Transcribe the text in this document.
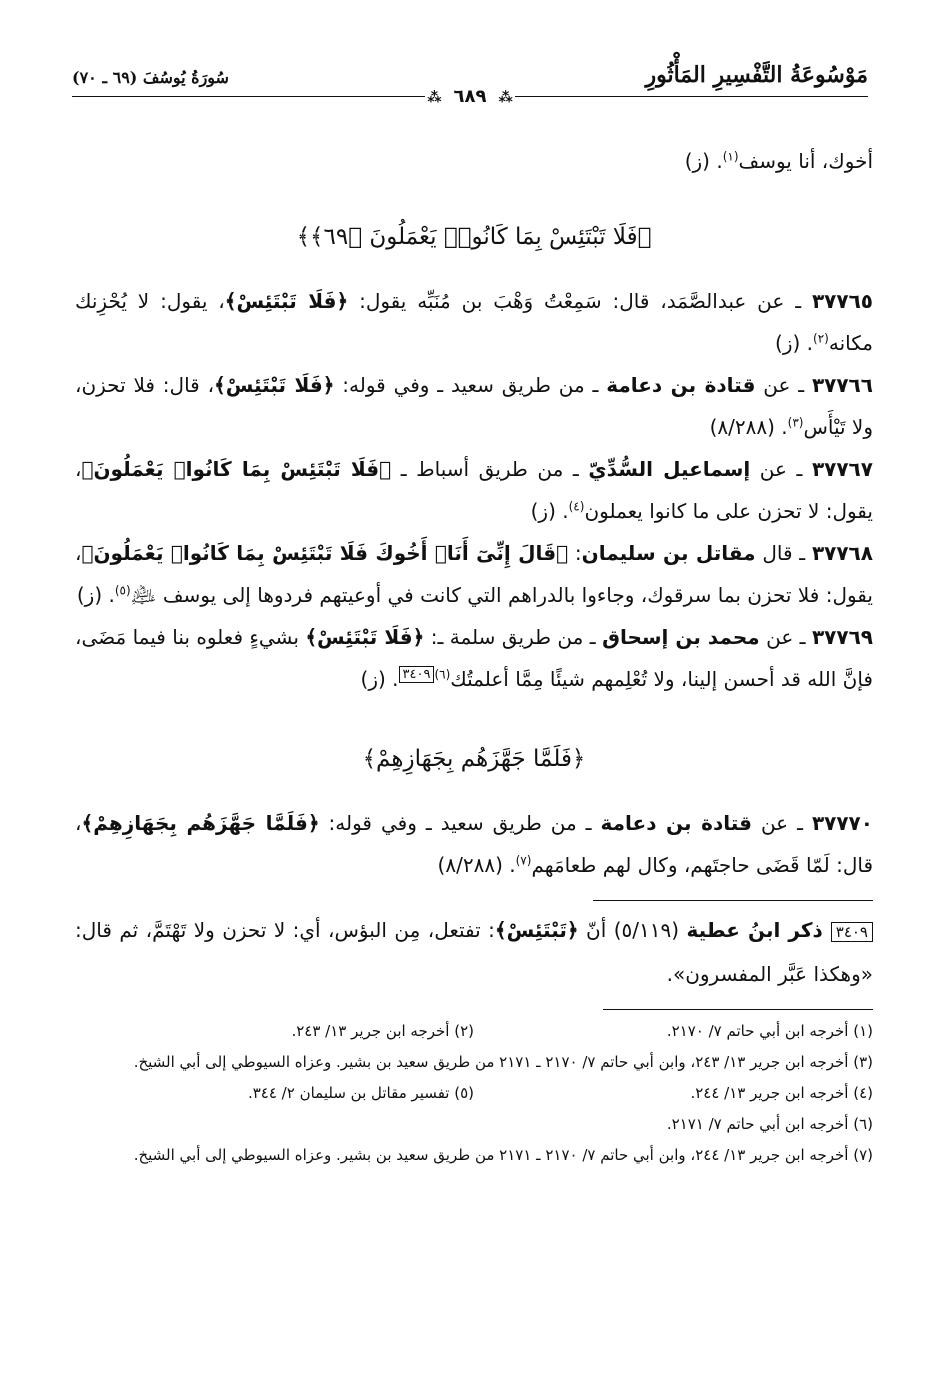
مَوْسُوعَةُ التَّفْسِيرِ المَأْثُورِ
سُورَةُ يُوسُفَ (٦٩ ـ ٧٠)
⁂ ٦٨٩ ⁂

أخوك، أنا يوسف$^{(١)}$. (ز)

﴿فَلَا تَبْتَئِسْ بِمَا كَانُوا۟ يَعْمَلُونَ ﴿٦٩﴾﴾

٣٧٧٦٥ ـ عن عبدالصَّمَد، قال: سَمِعْتُ وَهْبَ بن مُنَبِّه يقول: ﴿فَلَا تَبْتَئِسْ﴾، يقول: لا يُحْزِنك مكانه$^{(٢)}$. (ز)

٣٧٧٦٦ ـ عن قتادة بن دعامة ـ من طريق سعيد ـ وفي قوله: ﴿فَلَا تَبْتَئِسْ﴾، قال: فلا تحزن، ولا تَيْأَس$^{(٣)}$. (٨/٢٨٨)

٣٧٧٦٧ ـ عن إسماعيل السُّدِّيّ ـ من طريق أسباط ـ ﴿فَلَا تَبْتَئِسْ بِمَا كَانُوا۟ يَعْمَلُونَ﴾، يقول: لا تحزن على ما كانوا يعملون$^{(٤)}$. (ز)

٣٧٧٦٨ ـ قال مقاتل بن سليمان: ﴿قَالَ إِنِّىٓ أَنَا۠ أَخُوكَ فَلَا تَبْتَئِسْ بِمَا كَانُوا۟ يَعْمَلُونَ﴾، يقول: فلا تحزن بما سرقوك، وجاءوا بالدراهم التي كانت في أوعيتهم فردوها إلى يوسف ﵇$^{(٥)}$. (ز)

٣٧٧٦٩ ـ عن محمد بن إسحاق ـ من طريق سلمة ـ: ﴿فَلَا تَبْتَئِسْ﴾ بشيءٍ فعلوه بنا فيما مَضَى، فإنَّ الله قد أحسن إلينا، ولا تُعْلِمهم شيئًا مِمَّا أعلمتُك$^{(٦)٣٤٠٩}$. (ز)

﴿فَلَمَّا جَهَّزَهُم بِجَهَازِهِمْ﴾

٣٧٧٧٠ ـ عن قتادة بن دعامة ـ من طريق سعيد ـ وفي قوله: ﴿فَلَمَّا جَهَّزَهُم بِجَهَازِهِمْ﴾، قال: لَمّا قَضَى حاجتَهم، وكال لهم طعامَهم$^{(٧)}$. (٨/٢٨٨)

٣٤٠٩ ذكر ابنُ عطية (٥/١١٩) أنّ ﴿تَبْتَئِسْ﴾: تفتعل، مِن البؤس، أي: لا تحزن ولا تَهْتَمَّ، ثم قال: «وهكذا عَبَّر المفسرون».

(١) أخرجه ابن أبي حاتم ٧/ ٢١٧٠.
(٢) أخرجه ابن جرير ١٣/ ٢٤٣.
(٣) أخرجه ابن جرير ١٣/ ٢٤٣، وابن أبي حاتم ٧/ ٢١٧٠ ـ ٢١٧١ من طريق سعيد بن بشير. وعزاه السيوطي إلى أبي الشيخ.
(٤) أخرجه ابن جرير ١٣/ ٢٤٤.
(٥) تفسير مقاتل بن سليمان ٢/ ٣٤٤.
(٦) أخرجه ابن أبي حاتم ٧/ ٢١٧١.
(٧) أخرجه ابن جرير ١٣/ ٢٤٤، وابن أبي حاتم ٧/ ٢١٧٠ ـ ٢١٧١ من طريق سعيد بن بشير. وعزاه السيوطي إلى أبي الشيخ.
